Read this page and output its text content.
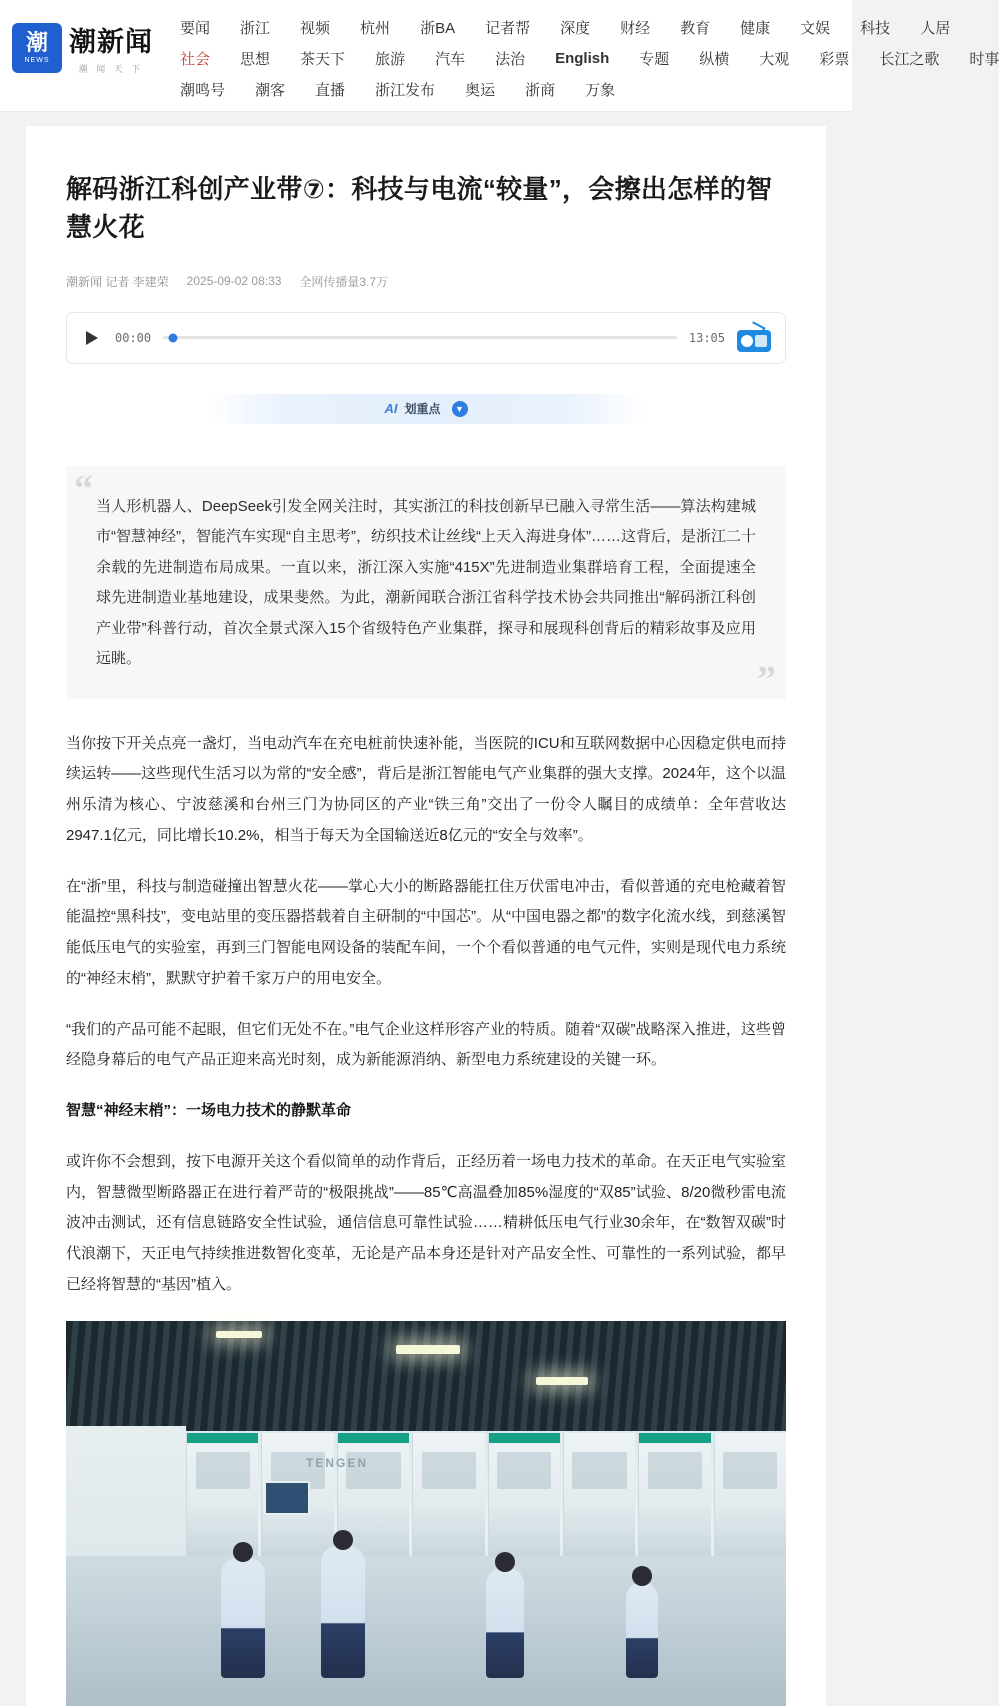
潮
NEWS
潮新闻
潮 闻 天 下
要闻 浙江 视频 杭州 浙BA 记者帮 深度 财经 教育 健康 文娱 科技 人居
社会 思想 茶天下 旅游 汽车 法治 English 专题 纵横 大观 彩票 长江之歌 时事
潮鸣号 潮客 直播 浙江发布 奥运 浙商 万象
解码浙江科创产业带⑦：科技与电流“较量”，会擦出怎样的智慧火花
潮新闻 记者 李建荣 2025-09-02 08:33 全网传播量3.7万
00:00	13:05
AI 划重点	▼
“ 当人形机器人、DeepSeek引发全网关注时，其实浙江的科技创新早已融入寻常生活——算法构建城市“智慧神经”，智能汽车实现“自主思考”，纺织技术让丝线“上天入海进身体”……这背后，是浙江二十余载的先进制造布局成果。一直以来，浙江深入实施“415X”先进制造业集群培育工程，全面提速全球先进制造业基地建设，成果斐然。为此，潮新闻联合浙江省科学技术协会共同推出“解码浙江科创产业带”科普行动，首次全景式深入15个省级特色产业集群，探寻和展现科创背后的精彩故事及应用远眺。	”

当你按下开关点亮一盏灯，当电动汽车在充电桩前快速补能，当医院的ICU和互联网数据中心因稳定供电而持续运转——这些现代生活习以为常的“安全感”，背后是浙江智能电气产业集群的强大支撑。2024年，这个以温州乐清为核心、宁波慈溪和台州三门为协同区的产业“铁三角”交出了一份令人瞩目的成绩单：全年营收达2947.1亿元，同比增长10.2%，相当于每天为全国输送近8亿元的“安全与效率”。

在“浙”里，科技与制造碰撞出智慧火花——掌心大小的断路器能扛住万伏雷电冲击，看似普通的充电枪藏着智能温控“黑科技”，变电站里的变压器搭载着自主研制的“中国芯”。从“中国电器之都”的数字化流水线，到慈溪智能低压电气的实验室，再到三门智能电网设备的装配车间，一个个看似普通的电气元件，实则是现代电力系统的“神经末梢”，默默守护着千家万户的用电安全。

“我们的产品可能不起眼，但它们无处不在。”电气企业这样形容产业的特质。随着“双碳”战略深入推进，这些曾经隐身幕后的电气产品正迎来高光时刻，成为新能源消纳、新型电力系统建设的关键一环。

智慧“神经末梢”：一场电力技术的静默革命

或许你不会想到，按下电源开关这个看似简单的动作背后，正经历着一场电力技术的革命。在天正电气实验室内，智慧微型断路器正在进行着严苛的“极限挑战”——85℃高温叠加85%湿度的“双85”试验、8/20微秒雷电流波冲击测试，还有信息链路安全性试验，通信信息可靠性试验……精耕低压电气行业30余年，在“数智双碳”时代浪潮下，天正电气持续推进数智化变革，无论是产品本身还是针对产品安全性、可靠性的一系列试验，都早已经将智慧的“基因”植入。

TENGEN
